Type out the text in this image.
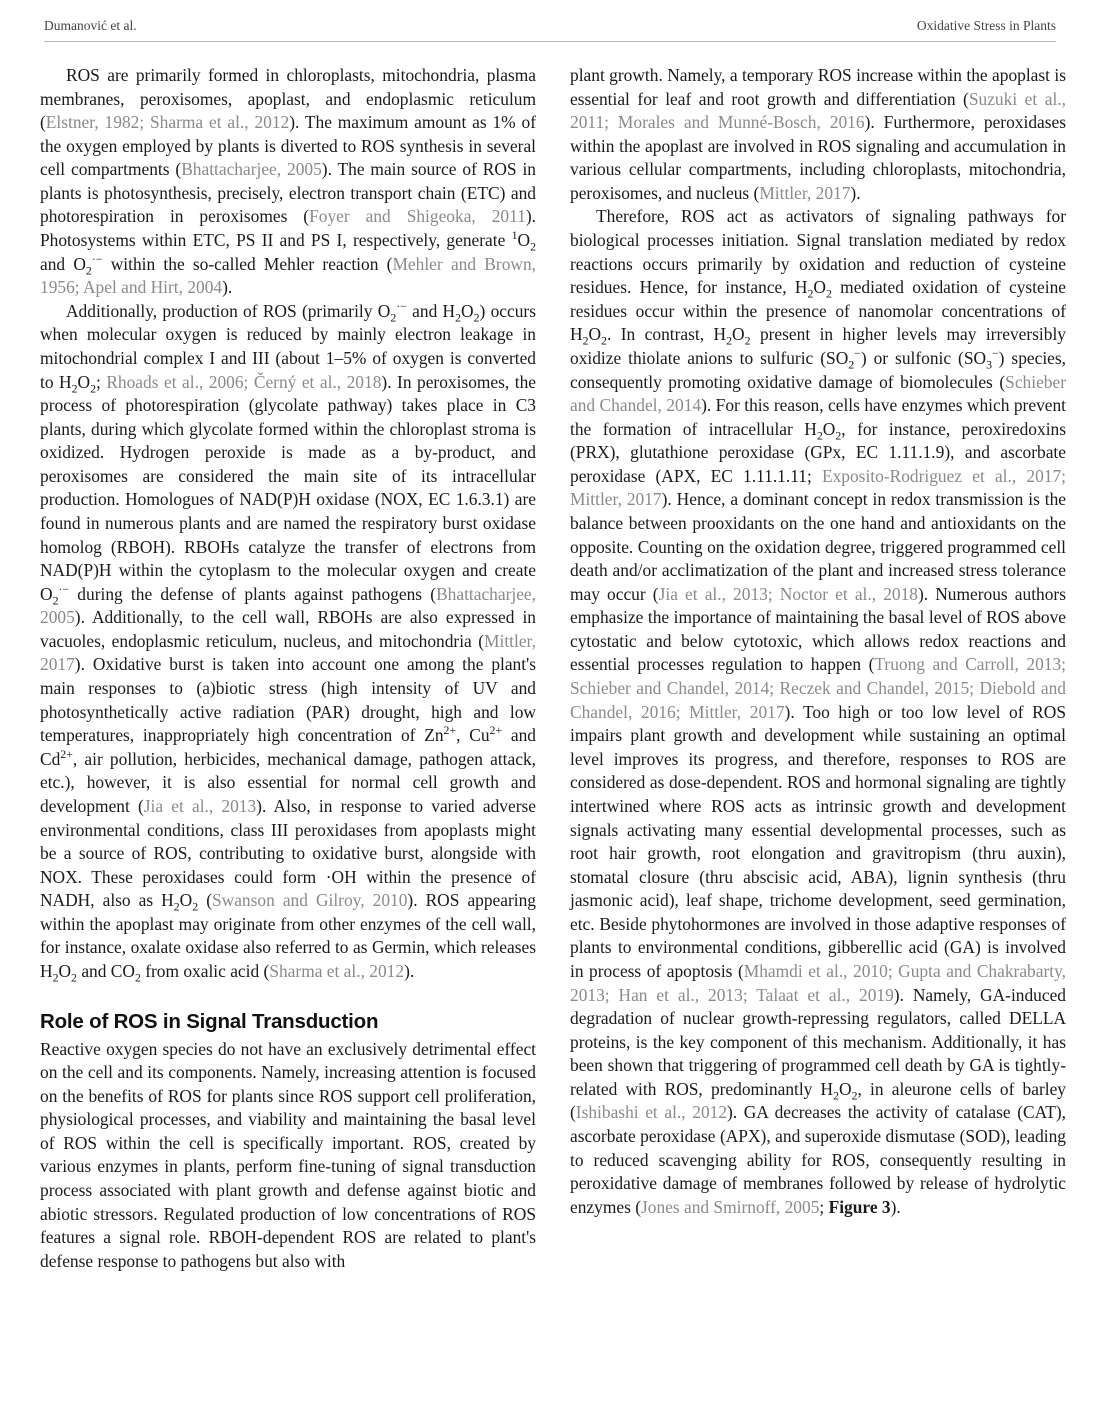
Dumanović et al.	Oxidative Stress in Plants

ROS are primarily formed in chloroplasts, mitochondria, plasma membranes, peroxisomes, apoplast, and endoplasmic reticulum (Elstner, 1982; Sharma et al., 2012). The maximum amount as 1% of the oxygen employed by plants is diverted to ROS synthesis in several cell compartments (Bhattacharjee, 2005). The main source of ROS in plants is photosynthesis, precisely, electron transport chain (ETC) and photorespiration in peroxisomes (Foyer and Shigeoka, 2011). Photosystems within ETC, PS II and PS I, respectively, generate $^1O_2$ and $O_2^{\cdot-}$ within the so-called Mehler reaction (Mehler and Brown, 1956; Apel and Hirt, 2004).

Additionally, production of ROS (primarily $O_2^{\cdot-}$ and $H_2O_2$) occurs when molecular oxygen is reduced by mainly electron leakage in mitochondrial complex I and III (about 1–5% of oxygen is converted to $H_2O_2$; Rhoads et al., 2006; Černý et al., 2018). In peroxisomes, the process of photorespiration (glycolate pathway) takes place in C3 plants, during which glycolate formed within the chloroplast stroma is oxidized. Hydrogen peroxide is made as a by-product, and peroxisomes are considered the main site of its intracellular production. Homologues of NAD(P)H oxidase (NOX, EC 1.6.3.1) are found in numerous plants and are named the respiratory burst oxidase homolog (RBOH). RBOHs catalyze the transfer of electrons from NAD(P)H within the cytoplasm to the molecular oxygen and create $O_2^{\cdot-}$ during the defense of plants against pathogens (Bhattacharjee, 2005). Additionally, to the cell wall, RBOHs are also expressed in vacuoles, endoplasmic reticulum, nucleus, and mitochondria (Mittler, 2017). Oxidative burst is taken into account one among the plant's main responses to (a)biotic stress (high intensity of UV and photosynthetically active radiation (PAR) drought, high and low temperatures, inappropriately high concentration of $Zn^{2+}$, $Cu^{2+}$ and $Cd^{2+}$, air pollution, herbicides, mechanical damage, pathogen attack, etc.), however, it is also essential for normal cell growth and development (Jia et al., 2013). Also, in response to varied adverse environmental conditions, class III peroxidases from apoplasts might be a source of ROS, contributing to oxidative burst, alongside with NOX. These peroxidases could form ·OH within the presence of NADH, also as $H_2O_2$ (Swanson and Gilroy, 2010). ROS appearing within the apoplast may originate from other enzymes of the cell wall, for instance, oxalate oxidase also referred to as Germin, which releases $H_2O_2$ and $CO_2$ from oxalic acid (Sharma et al., 2012).

Role of ROS in Signal Transduction

Reactive oxygen species do not have an exclusively detrimental effect on the cell and its components. Namely, increasing attention is focused on the benefits of ROS for plants since ROS support cell proliferation, physiological processes, and viability and maintaining the basal level of ROS within the cell is specifically important. ROS, created by various enzymes in plants, perform fine-tuning of signal transduction process associated with plant growth and defense against biotic and abiotic stressors. Regulated production of low concentrations of ROS features a signal role. RBOH-dependent ROS are related to plant's defense response to pathogens but also with

plant growth. Namely, a temporary ROS increase within the apoplast is essential for leaf and root growth and differentiation (Suzuki et al., 2011; Morales and Munné-Bosch, 2016). Furthermore, peroxidases within the apoplast are involved in ROS signaling and accumulation in various cellular compartments, including chloroplasts, mitochondria, peroxisomes, and nucleus (Mittler, 2017).

Therefore, ROS act as activators of signaling pathways for biological processes initiation. Signal translation mediated by redox reactions occurs primarily by oxidation and reduction of cysteine residues. Hence, for instance, $H_2O_2$ mediated oxidation of cysteine residues occur within the presence of nanomolar concentrations of $H_2O_2$. In contrast, $H_2O_2$ present in higher levels may irreversibly oxidize thiolate anions to sulfuric $(SO_2^-)$ or sulfonic $(SO_3^-)$ species, consequently promoting oxidative damage of biomolecules (Schieber and Chandel, 2014). For this reason, cells have enzymes which prevent the formation of intracellular $H_2O_2$, for instance, peroxiredoxins (PRX), glutathione peroxidase (GPx, EC 1.11.1.9), and ascorbate peroxidase (APX, EC 1.11.1.11; Exposito-Rodriguez et al., 2017; Mittler, 2017). Hence, a dominant concept in redox transmission is the balance between prooxidants on the one hand and antioxidants on the opposite. Counting on the oxidation degree, triggered programmed cell death and/or acclimatization of the plant and increased stress tolerance may occur (Jia et al., 2013; Noctor et al., 2018). Numerous authors emphasize the importance of maintaining the basal level of ROS above cytostatic and below cytotoxic, which allows redox reactions and essential processes regulation to happen (Truong and Carroll, 2013; Schieber and Chandel, 2014; Reczek and Chandel, 2015; Diebold and Chandel, 2016; Mittler, 2017). Too high or too low level of ROS impairs plant growth and development while sustaining an optimal level improves its progress, and therefore, responses to ROS are considered as dose-dependent. ROS and hormonal signaling are tightly intertwined where ROS acts as intrinsic growth and development signals activating many essential developmental processes, such as root hair growth, root elongation and gravitropism (thru auxin), stomatal closure (thru abscisic acid, ABA), lignin synthesis (thru jasmonic acid), leaf shape, trichome development, seed germination, etc. Beside phytohormones are involved in those adaptive responses of plants to environmental conditions, gibberellic acid (GA) is involved in process of apoptosis (Mhamdi et al., 2010; Gupta and Chakrabarty, 2013; Han et al., 2013; Talaat et al., 2019). Namely, GA-induced degradation of nuclear growth-repressing regulators, called DELLA proteins, is the key component of this mechanism. Additionally, it has been shown that triggering of programmed cell death by GA is tightly-related with ROS, predominantly $H_2O_2$, in aleurone cells of barley (Ishibashi et al., 2012). GA decreases the activity of catalase (CAT), ascorbate peroxidase (APX), and superoxide dismutase (SOD), leading to reduced scavenging ability for ROS, consequently resulting in peroxidative damage of membranes followed by release of hydrolytic enzymes (Jones and Smirnoff, 2005; Figure 3).
